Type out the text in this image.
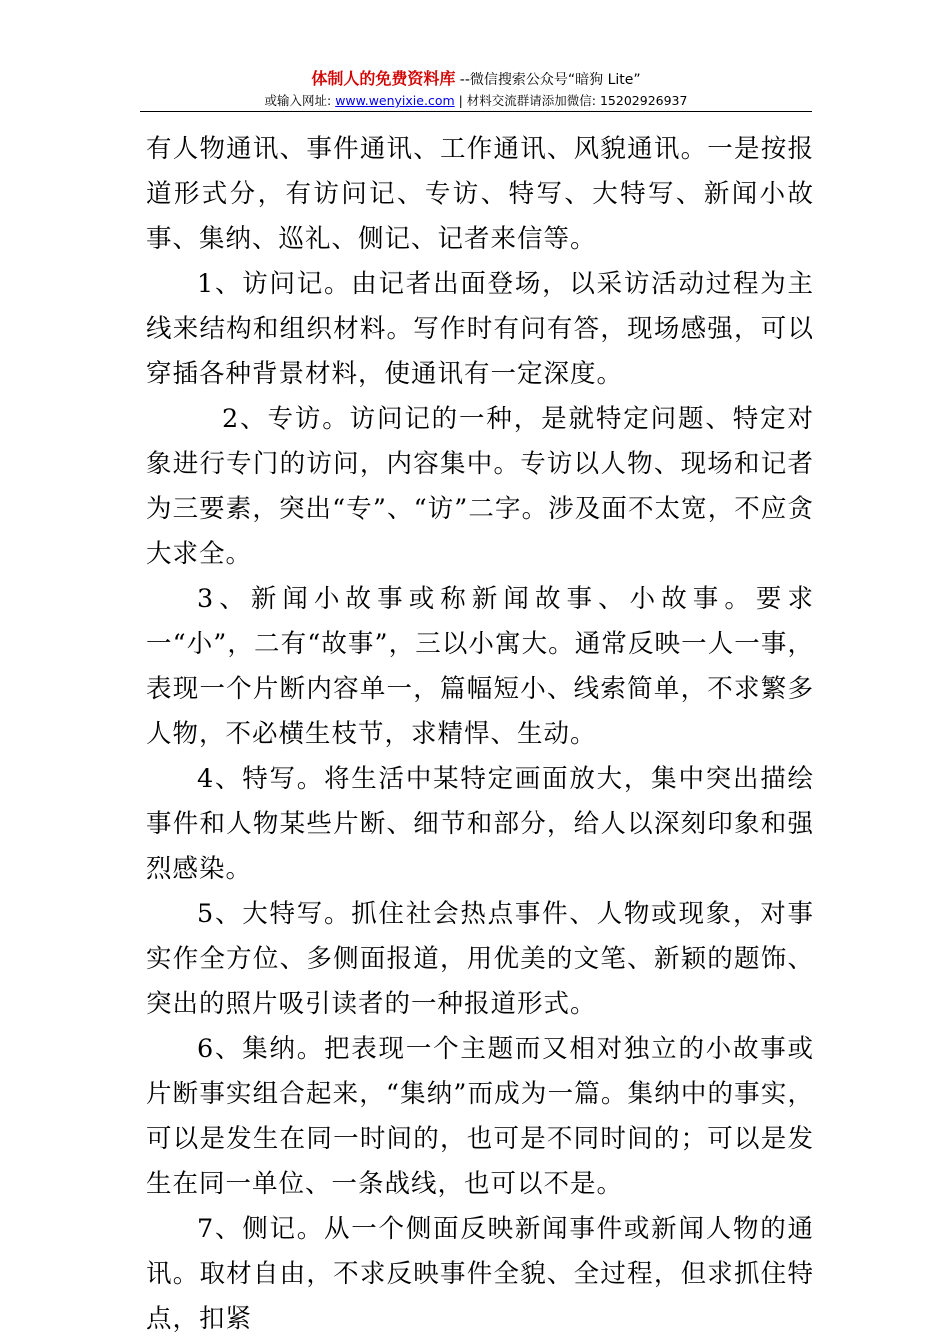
体制人的免费资料库 --微信搜索公众号“暗狗 Lite”
或输入网址: www.wenyixie.com | 材料交流群请添加微信: 15202926937

有人物通讯、事件通讯、工作通讯、风貌通讯。一是按报道形式分，有访问记、专访、特写、大特写、新闻小故事、集纳、巡礼、侧记、记者来信等。

1、访问记。由记者出面登场，以采访活动过程为主线来结构和组织材料。写作时有问有答，现场感强，可以穿插各种背景材料，使通讯有一定深度。

2、专访。访问记的一种，是就特定问题、特定对象进行专门的访问，内容集中。专访以人物、现场和记者为三要素，突出“专”、“访”二字。涉及面不太宽，不应贪大求全。

3、新闻小故事或称新闻故事、小故事。要求一“小”，二有“故事”，三以小寓大。通常反映一人一事，表现一个片断内容单一，篇幅短小、线索简单，不求繁多人物，不必横生枝节，求精悍、生动。

4、特写。将生活中某特定画面放大，集中突出描绘事件和人物某些片断、细节和部分，给人以深刻印象和强烈感染。

5、大特写。抓住社会热点事件、人物或现象，对事实作全方位、多侧面报道，用优美的文笔、新颖的题饰、突出的照片吸引读者的一种报道形式。

6、集纳。把表现一个主题而又相对独立的小故事或片断事实组合起来，“集纳”而成为一篇。集纳中的事实，可以是发生在同一时间的，也可是不同时间的；可以是发生在同一单位、一条战线，也可以不是。

7、侧记。从一个侧面反映新闻事件或新闻人物的通讯。取材自由，不求反映事件全貌、全过程，但求抓住特点，扣紧
